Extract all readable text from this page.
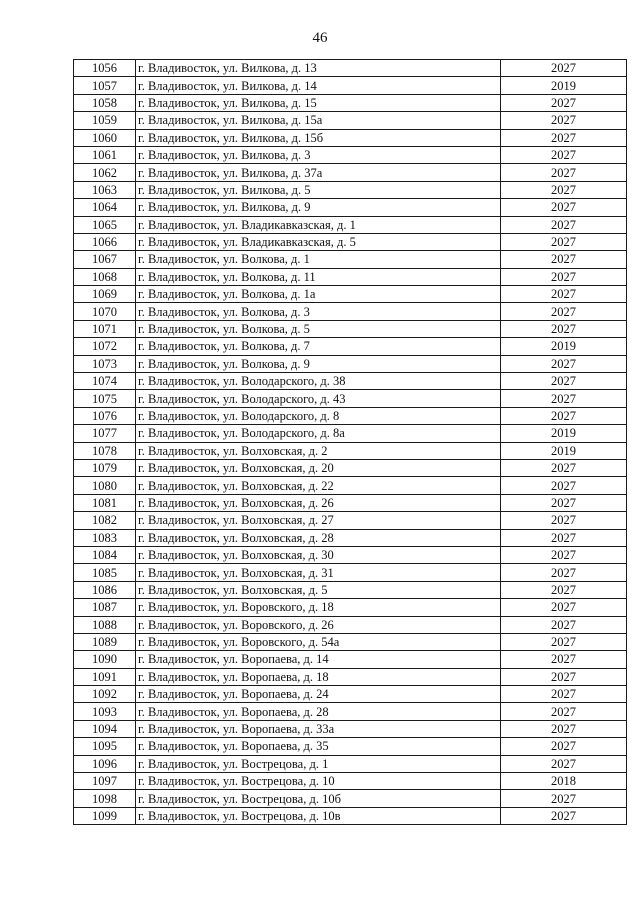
46
1056	г. Владивосток, ул. Вилкова, д. 13	2027
1057	г. Владивосток, ул. Вилкова, д. 14	2019
1058	г. Владивосток, ул. Вилкова, д. 15	2027
1059	г. Владивосток, ул. Вилкова, д. 15а	2027
1060	г. Владивосток, ул. Вилкова, д. 15б	2027
1061	г. Владивосток, ул. Вилкова, д. 3	2027
1062	г. Владивосток, ул. Вилкова, д. 37а	2027
1063	г. Владивосток, ул. Вилкова, д. 5	2027
1064	г. Владивосток, ул. Вилкова, д. 9	2027
1065	г. Владивосток, ул. Владикавказская, д. 1	2027
1066	г. Владивосток, ул. Владикавказская, д. 5	2027
1067	г. Владивосток, ул. Волкова, д. 1	2027
1068	г. Владивосток, ул. Волкова, д. 11	2027
1069	г. Владивосток, ул. Волкова, д. 1а	2027
1070	г. Владивосток, ул. Волкова, д. 3	2027
1071	г. Владивосток, ул. Волкова, д. 5	2027
1072	г. Владивосток, ул. Волкова, д. 7	2019
1073	г. Владивосток, ул. Волкова, д. 9	2027
1074	г. Владивосток, ул. Володарского, д. 38	2027
1075	г. Владивосток, ул. Володарского, д. 43	2027
1076	г. Владивосток, ул. Володарского, д. 8	2027
1077	г. Владивосток, ул. Володарского, д. 8а	2019
1078	г. Владивосток, ул. Волховская, д. 2	2019
1079	г. Владивосток, ул. Волховская, д. 20	2027
1080	г. Владивосток, ул. Волховская, д. 22	2027
1081	г. Владивосток, ул. Волховская, д. 26	2027
1082	г. Владивосток, ул. Волховская, д. 27	2027
1083	г. Владивосток, ул. Волховская, д. 28	2027
1084	г. Владивосток, ул. Волховская, д. 30	2027
1085	г. Владивосток, ул. Волховская, д. 31	2027
1086	г. Владивосток, ул. Волховская, д. 5	2027
1087	г. Владивосток, ул. Воровского, д. 18	2027
1088	г. Владивосток, ул. Воровского, д. 26	2027
1089	г. Владивосток, ул. Воровского, д. 54а	2027
1090	г. Владивосток, ул. Воропаева, д. 14	2027
1091	г. Владивосток, ул. Воропаева, д. 18	2027
1092	г. Владивосток, ул. Воропаева, д. 24	2027
1093	г. Владивосток, ул. Воропаева, д. 28	2027
1094	г. Владивосток, ул. Воропаева, д. 33а	2027
1095	г. Владивосток, ул. Воропаева, д. 35	2027
1096	г. Владивосток, ул. Вострецова, д. 1	2027
1097	г. Владивосток, ул. Вострецова, д. 10	2018
1098	г. Владивосток, ул. Вострецова, д. 10б	2027
1099	г. Владивосток, ул. Вострецова, д. 10в	2027
